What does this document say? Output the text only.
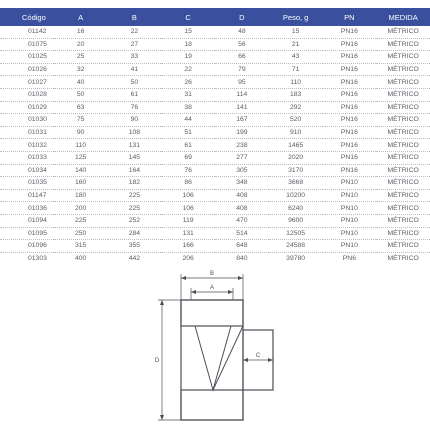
Código	A	B	C	D	Peso, g	PN	MEDIDA
01142	16	22	15	48	15	PN16	MÉTRICO
01075	20	27	18	56	21	PN16	MÉTRICO
01025	25	33	19	66	43	PN16	MÉTRICO
01026	32	41	22	79	71	PN16	MÉTRICO
01027	40	50	26	95	110	PN16	MÉTRICO
01028	50	61	31	114	183	PN16	MÉTRICO
01029	63	76	38	141	292	PN16	MÉTRICO
01030	75	90	44	167	520	PN16	MÉTRICO
01031	90	108	51	199	910	PN16	MÉTRICO
01032	110	131	61	238	1465	PN16	MÉTRICO
01033	125	145	69	277	2020	PN16	MÉTRICO
01034	140	164	76	305	3170	PN16	MÉTRICO
01035	160	182	86	348	3668	PN10	MÉTRICO
01147	180	225	106	408	10200	PN10	MÉTRICO
01036	200	225	106	408	6240	PN10	MÉTRICO
01094	225	252	119	470	9600	PN10	MÉTRICO
01095	250	284	131	514	12505	PN10	MÉTRICO
01096	315	355	166	648	24588	PN10	MÉTRICO
01303	400	442	206	840	39780	PN6	MÉTRICO
B
A
D
C
